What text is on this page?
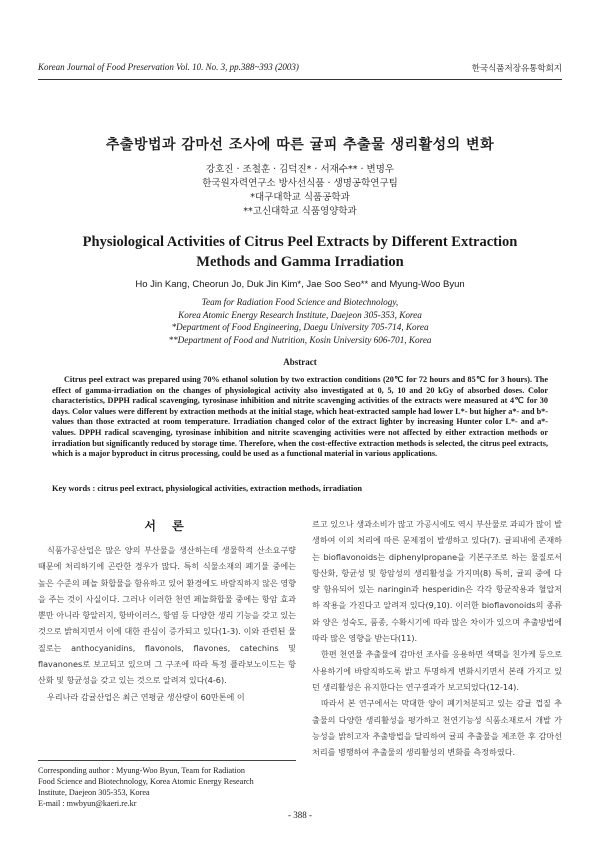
Korean Journal of Food Preservation Vol. 10. No. 3, pp.388~393 (2003)	한국식품저장유통학회지
추출방법과 감마선 조사에 따른 귤피 추출물 생리활성의 변화
강호진 · 조철훈 · 김덕진* · 서재수** · 변명우
한국원자력연구소 방사선식품 · 생명공학연구팀
*대구대학교 식품공학과
**고신대학교 식품영양학과
Physiological Activities of Citrus Peel Extracts by Different Extraction Methods and Gamma Irradiation
Ho Jin Kang, Cheorun Jo, Duk Jin Kim*, Jae Soo Seo** and Myung-Woo Byun
Team for Radiation Food Science and Biotechnology,
Korea Atomic Energy Research Institute, Daejeon 305-353, Korea
*Department of Food Engineering, Daegu University 705-714, Korea
**Department of Food and Nutrition, Kosin University 606-701, Korea
Abstract
Citrus peel extract was prepared using 70% ethanol solution by two extraction conditions (20℃ for 72 hours and 85℃ for 3 hours). The effect of gamma-irradiation on the changes of physiological activity also investigated at 0, 5, 10 and 20 kGy of absorbed doses. Color characteristics, DPPH radical scavenging, tyrosinase inhibition and nitrite scavenging activities of the extracts were measured at 4℃ for 30 days. Color values were different by extraction methods at the initial stage, which heat-extracted sample had lower L*- but higher a*- and b*-values than those extracted at room temperature. Irradiation changed color of the extract lighter by increasing Hunter color L*- and a*-values. DPPH radical scavenging, tyrosinase inhibition and nitrite scavenging activities were not affected by either extraction methods or irradiation but significantly reduced by storage time. Therefore, when the cost-effective extraction methods is selected, the citrus peel extracts, which is a major byproduct in citrus processing, could be used as a functional material in various applications.
Key words : citrus peel extract, physiological activities, extraction methods, irradiation
서 론

식품가공산업은 많은 양의 부산물을 생산하는데 생물학적 산소요구량 때문에 처리하기에 곤란한 경우가 많다. 특히 식물소재의 폐기물 중에는 높은 수준의 페놀 화합물을 함유하고 있어 환경에도 바람직하지 않은 영향을 주는 것이 사실이다. 그러나 이러한 천연 페놀화합물 중에는 항암 효과뿐만 아니라 항알러지, 항바이러스, 항염 등 다양한 생리 기능을 갖고 있는 것으로 밝혀지면서 이에 대한 관심이 증가되고 있다(1-3). 이와 관련된 물질로는 anthocyanidins, flavonols, flavones, catechins 및 flavanones로 보고되고 있으며 그 구조에 따라 특정 플라보노이드는 항산화 및 항균성을 갖고 있는 것으로 알려져 있다(4-6).

우리나라 감귤산업은 최근 연평균 생산량이 60만톤에 이

르고 있으나 생과소비가 많고 가공시에도 역시 부산물로 과피가 많이 발생하여 이의 처리에 따른 문제점이 발생하고 있다(7). 귤피내에 존재하는 bioflavonoids는 diphenylpropane을 기본구조로 하는 물질로서 항산화, 항균성 및 항암성의 생리활성을 가지며(8) 특히, 귤피 중에 다량 함유되어 있는 naringin과 hesperidin은 각각 항균작용과 혈압저하 작용을 가진다고 알려져 있다(9,10). 이러한 bioflavonoids의 종류와 양은 성숙도, 품종, 수확시기에 따라 많은 차이가 있으며 추출방법에 따라 많은 영향을 받는다(11).

한편 천연물 추출물에 감마선 조사를 응용하면 색택을 친가케 등으로 사용하기에 바람직하도록 밝고 투명하게 변화시키면서 본래 가지고 있던 생리활성은 유지한다는 연구결과가 보고되었다(12-14).

따라서 본 연구에서는 막대한 양이 폐기처분되고 있는 감귤 껍질 추출물의 다양한 생리활성을 평가하고 천연기능성 식품소재로서 개발 가능성을 밝히고자 추출방법을 달리하여 귤피 추출물을 제조한 후 감마선 처리를 병행하여 추출물의 생리활성의 변화를 측정하였다.

Corresponding author : Myung-Woo Byun, Team for Radiation
Food Science and Biotechnology, Korea Atomic Energy Research
Institute, Daejeon 305-353, Korea
E-mail : mwbyun@kaeri.re.kr
- 388 -
